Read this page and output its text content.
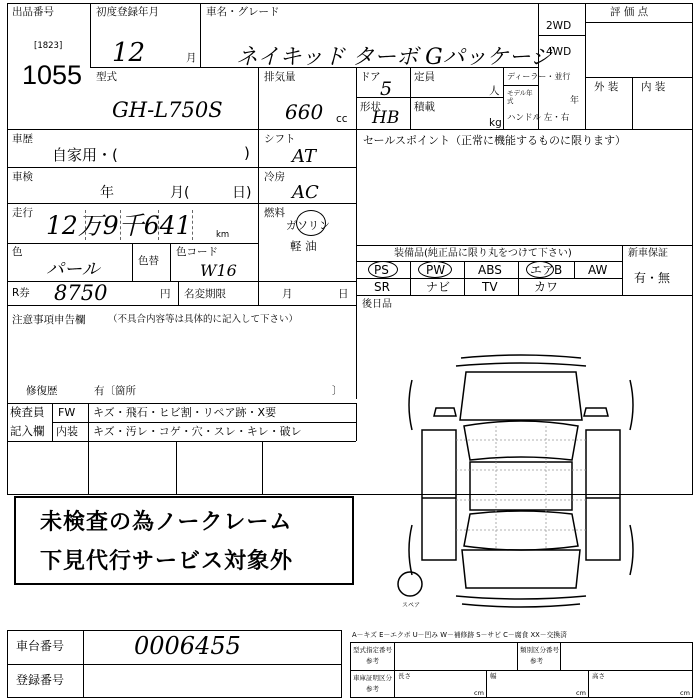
出品番号
[1823]
1055
初度登録年月
12	月
車名・グレード
ネイキッド ターボ Gパッケージ
2WD
4WD
評 価 点
型式
GH-L750S
排気量
660 cc
ドア
5
定員
人
形状
HB
積載
kg
ディーラー・並行
モデル年式	年
ハンドル 左・右
外 装 内 装
車歴
自家用・(	)
車検
年	月(	日)
走行 12万9千641	km
色
パール	色替
色コード
W16
R券 8750	円 名変期限	月	日
注意事項申告欄 （不具合内容等は具体的に記入して下さい）
修復歴	有〔箇所	〕
検査員
記入欄
FW キズ・飛石・ヒビ割・リペア跡・X要
内装 キズ・汚レ・コゲ・穴・スレ・キレ・破レ
シフト
AT
冷房
AC
燃料
ガソリン
軽 油
セールスポイント（正常に機能するものに限ります）
装備品(純正品に限り丸をつけて下さい)	新車保証
有・無
PS	PW	ABS エアB AW
SR	ナビ	TV	カワ
後日品
スペア
未検査の為ノークレーム
下見代行サービス対象外
車台番号	0006455
登録番号
A－キズ E－エクボ U－凹み W－補修跡 S－サビ C－腐食 XX－交換済
型式指定番号
参考
類別区分番号
参考
車庫証明区分
参考
長さ
cm
幅
cm
高さ
cm
